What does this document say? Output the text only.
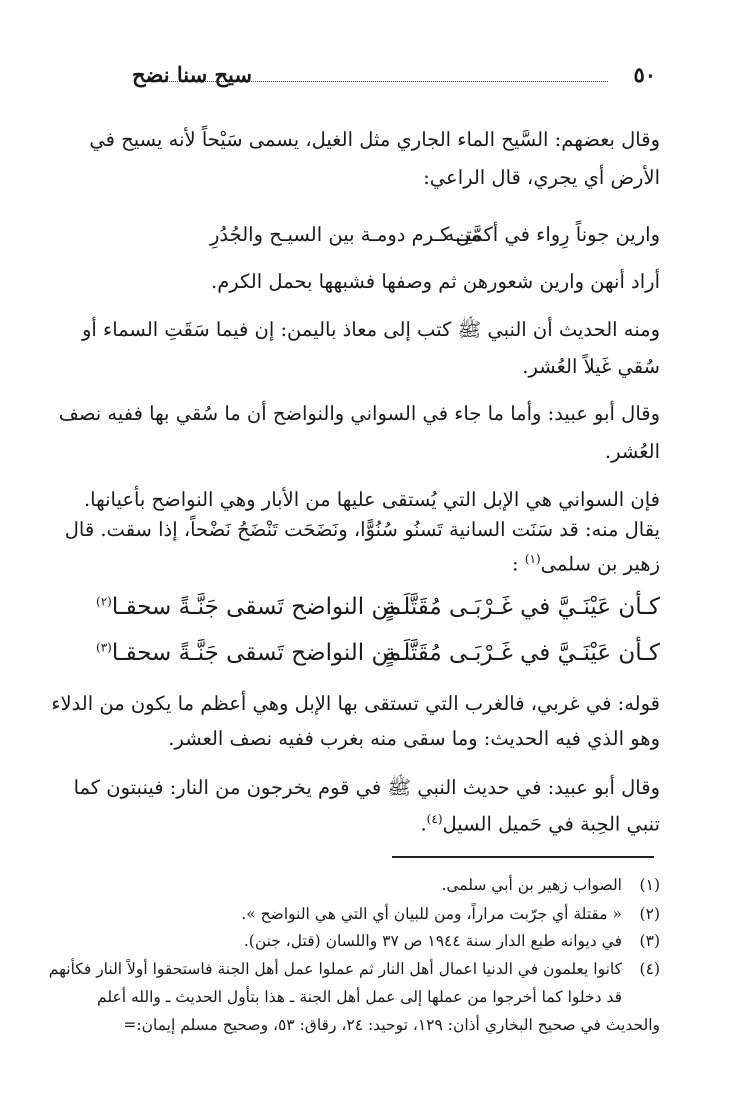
٥٠
سيح سنا نضح
وقال بعضهم: السَّيح الماء الجاري مثل الغيل، يسمى سَيْحاً لأنه يسيح في
الأرض أي يجري، قال الراعي:
وارين جوناً رِواء في أكمَّتِــه
من كـرم دومـة بين السيـح والجُدُرِ
أراد أنهن وارين شعورهن ثم وصفها فشبهها بحمل الكرم.
ومنه الحديث أن النبي ﷺ كتب إلى معاذ باليمن: إن فيما سَقَتِ السماء أو
سُقي غَيلاً العُشر.
وقال أبو عبيد: وأما ما جاء في السواني والنواضح أن ما سُقي بها ففيه نصف
العُشر.
فإن السواني هي الإبل التي يُستقى عليها من الأبار وهي النواضح بأعيانها.
يقال منه: قد سَنَت السانية تَسنُو سُنُوًّا، ونَضَحَت تَنْضَحُ نَضْحاً، إذا سقت. قال
زهير بن سلمى$^{(١)}$ :
كـأن عَيْنَـيَّ في غَـرْبَـى مُقَتَّلَـةٍ
من النواضح تَسقى جَنَّـةً سحقـا$^{(٢)}$
كـأن عَيْنَـيَّ في غَـرْبَـى مُقَتَّلَـةٍ
من النواضح تَسقى جَنَّـةً سحقـا$^{(٣)}$
قوله: في غربي، فالغرب التي تستقى بها الإبل وهي أعظم ما يكون من الدلاء
وهو الذي فيه الحديث: وما سقى منه بغرب ففيه نصف العشر.
وقال أبو عبيد: في حديث النبي ﷺ في قوم يخرجون من النار: فينبتون كما
تنبي الحِبة في حَميل السيل$^{(٤)}$.
(١)الصواب زهير بن أبي سلمى.
(٢)« مقتلة أي جرّبت مراراً، ومن للبيان أي التي هي النواضح ».
(٣)في ديوانه طبع الدار سنة ١٩٤٤ ص ٣٧ واللسان (قتل، جنن).
(٤)كانوا يعلمون في الدنيا اعمال أهل النار ثم عملوا عمل أهل الجنة فاستحقوا أولاً النار فكأنهم
قد دخلوا كما أخرجوا من عملها إلى عمل أهل الجنة ـ هذا بتأول الحديث ـ والله أعلم
والحديث في صحيح البخاري أذان: ١٢٩، توحيد: ٢٤، رقاق: ٥٣، وصحيح مسلم إيمان:=
